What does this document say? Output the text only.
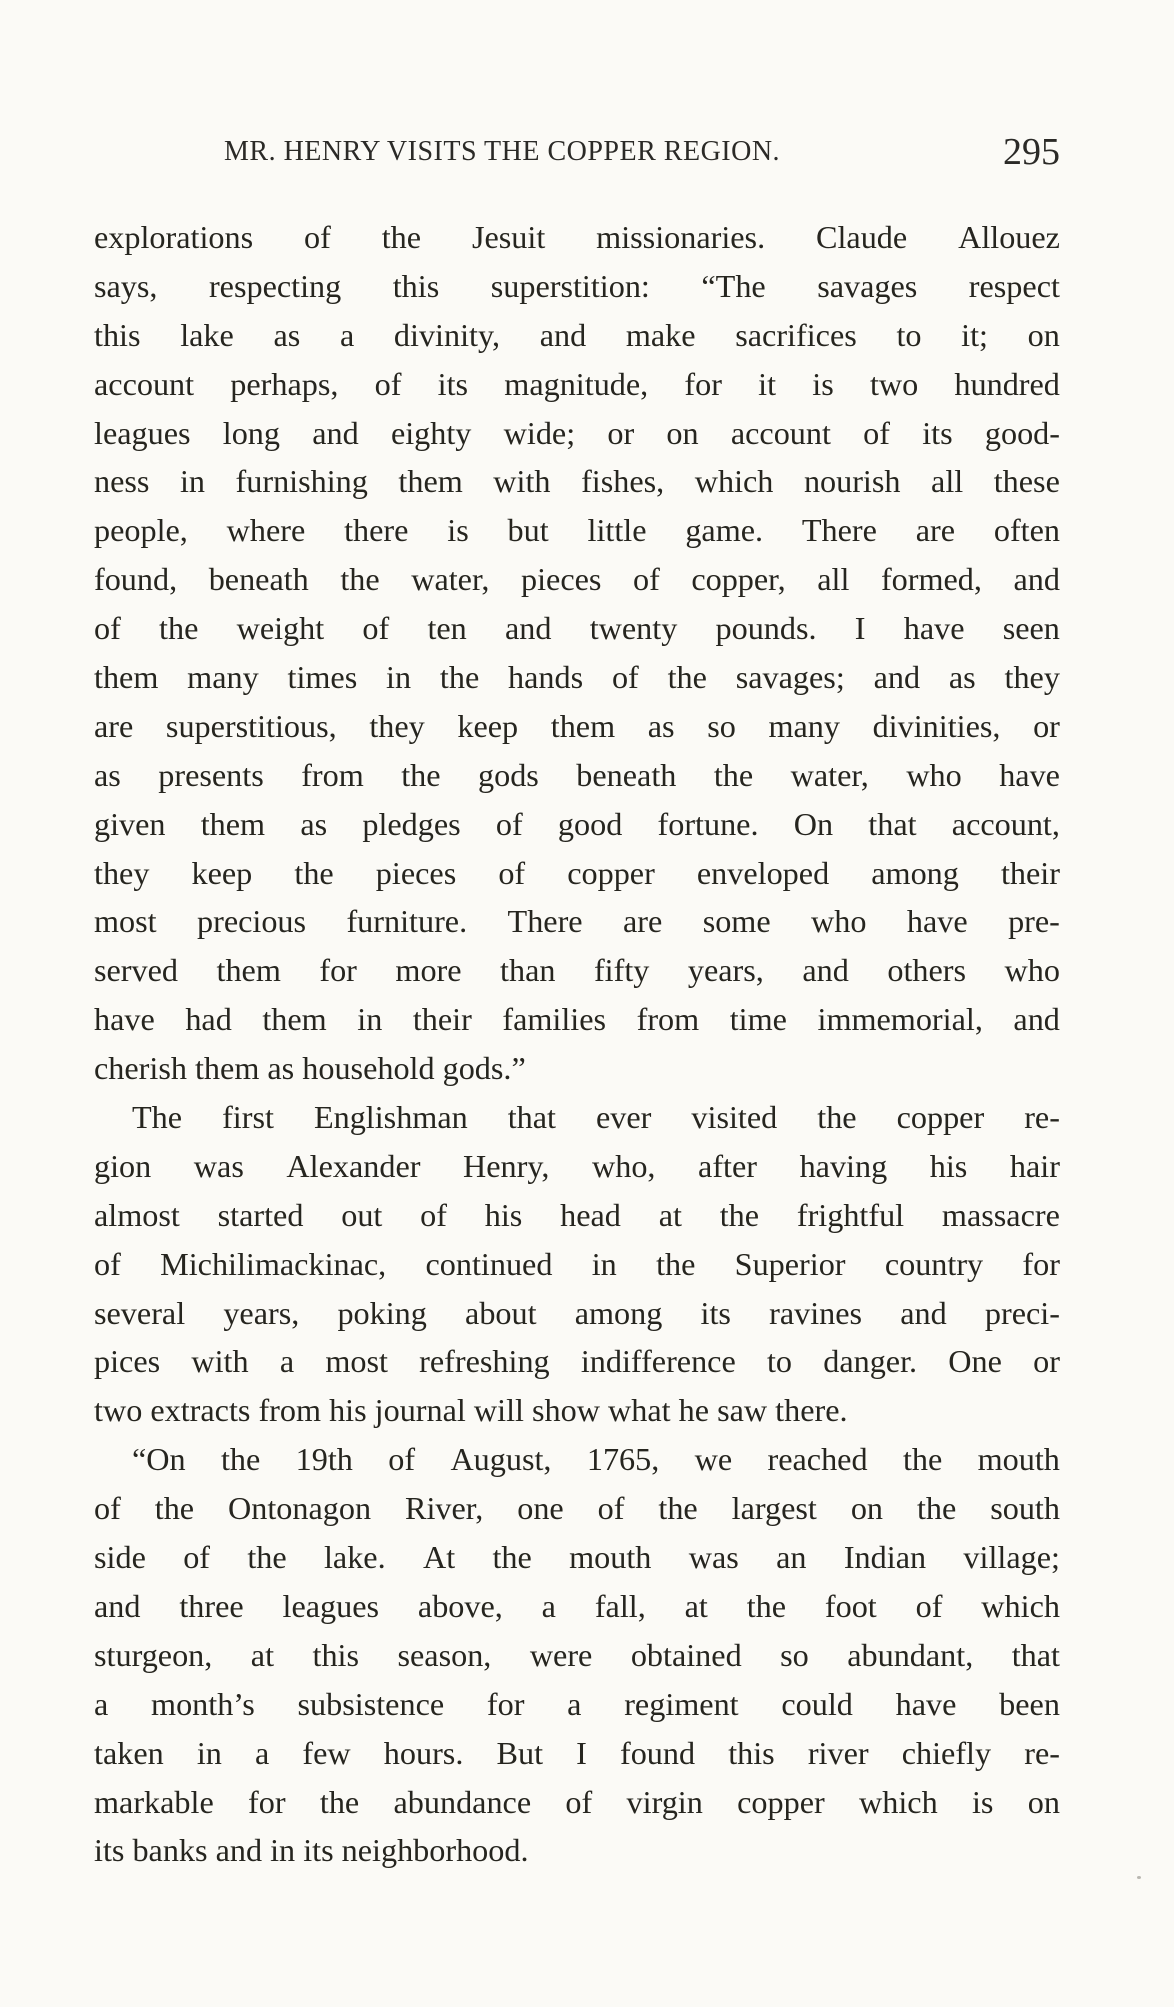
MR. HENRY VISITS THE COPPER REGION.	295
explorations of the Jesuit missionaries. Claude Allouez
says, respecting this superstition: “The savages respect
this lake as a divinity, and make sacrifices to it; on
account perhaps, of its magnitude, for it is two hundred
leagues long and eighty wide; or on account of its good-
ness in furnishing them with fishes, which nourish all these
people, where there is but little game. There are often
found, beneath the water, pieces of copper, all formed, and
of the weight of ten and twenty pounds. I have seen
them many times in the hands of the savages; and as they
are superstitious, they keep them as so many divinities, or
as presents from the gods beneath the water, who have
given them as pledges of good fortune. On that account,
they keep the pieces of copper enveloped among their
most precious furniture. There are some who have pre-
served them for more than fifty years, and others who
have had them in their families from time immemorial, and
cherish them as household gods.”
The first Englishman that ever visited the copper re-
gion was Alexander Henry, who, after having his hair
almost started out of his head at the frightful massacre
of Michilimackinac, continued in the Superior country for
several years, poking about among its ravines and preci-
pices with a most refreshing indifference to danger. One or
two extracts from his journal will show what he saw there.
“On the 19th of August, 1765, we reached the mouth
of the Ontonagon River, one of the largest on the south
side of the lake. At the mouth was an Indian village;
and three leagues above, a fall, at the foot of which
sturgeon, at this season, were obtained so abundant, that
a month’s subsistence for a regiment could have been
taken in a few hours. But I found this river chiefly re-
markable for the abundance of virgin copper which is on
its banks and in its neighborhood.
